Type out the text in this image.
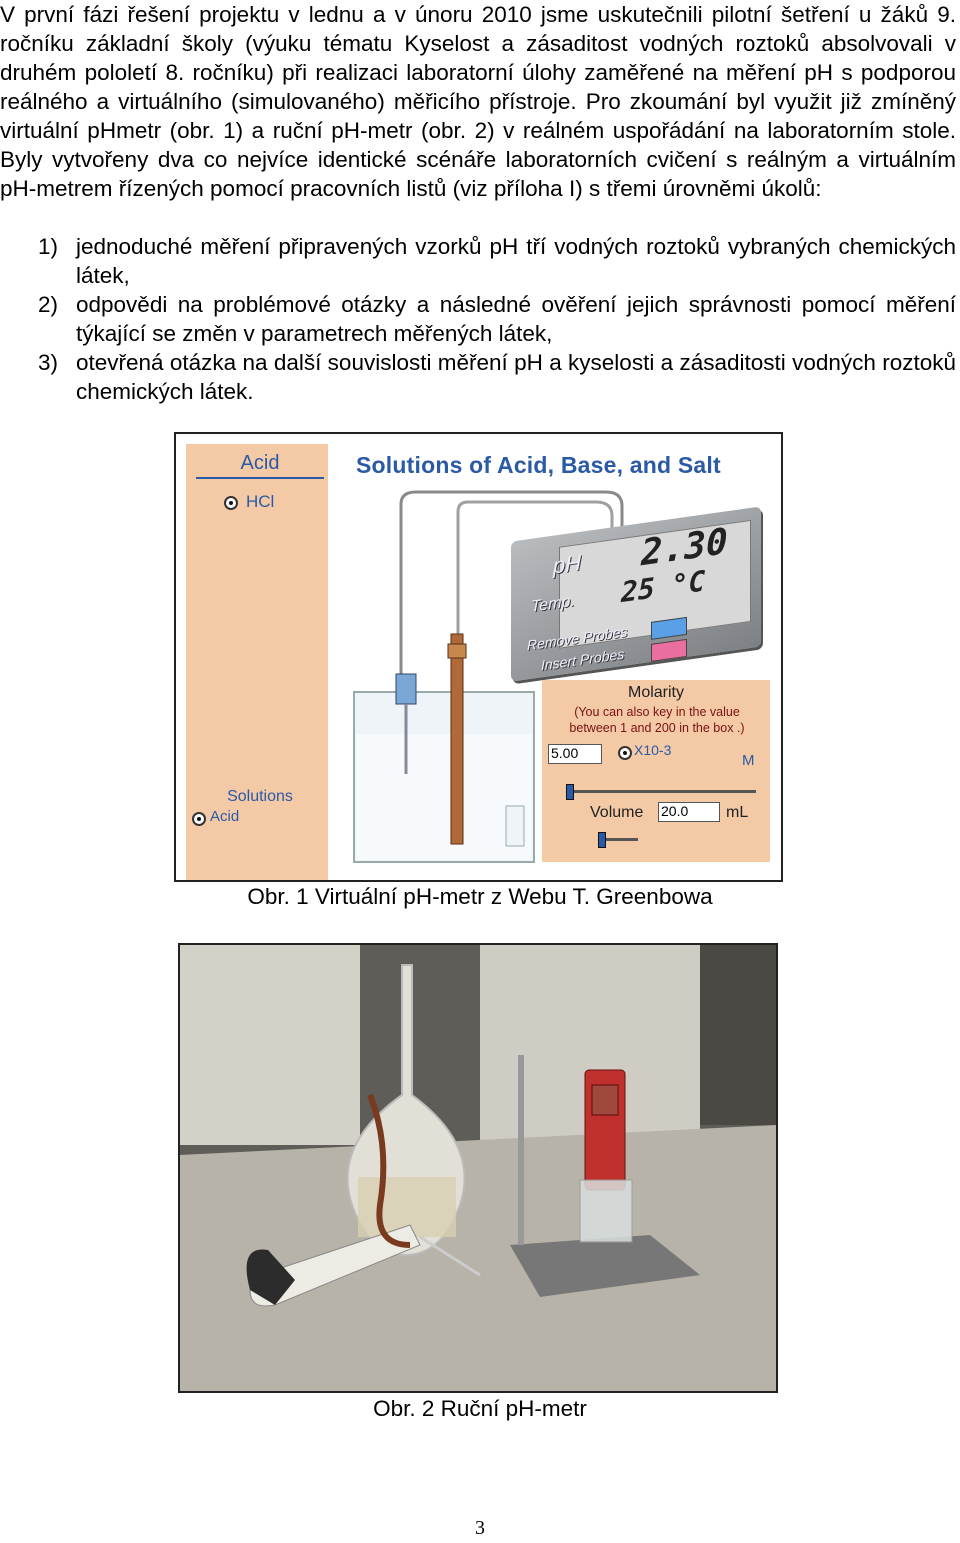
V první fázi řešení projektu v lednu a v únoru 2010 jsme uskutečnili pilotní šetření u žáků 9. ročníku základní školy (výuku tématu Kyselost a zásaditost vodných roztoků absolvovali v druhém pololetí 8. ročníku) při realizaci laboratorní úlohy zaměřené na měření pH s podporou reálného a virtuálního (simulovaného) měřicího přístroje. Pro zkoumání byl využit již zmíněný virtuální pHmetr (obr. 1) a ruční pH-metr (obr. 2) v reálném uspořádání na laboratorním stole. Byly vytvořeny dva co nejvíce identické scénáře laboratorních cvičení s reálným a virtuálním pH-metrem řízených pomocí pracovních listů (viz příloha I) s třemi úrovněmi úkolů:

1) jednoduché měření připravených vzorků pH tří vodných roztoků vybraných chemických látek,
2) odpovědi na problémové otázky a následné ověření jejich správnosti pomocí měření týkající se změn v parametrech měřených látek,
3) otevřená otázka na další souvislosti měření pH a kyselosti a zásaditosti vodných roztoků chemických látek.
Acid
HCl
Solutions
Acid
Solutions of Acid, Base, and Salt
pH 2.30
Temp. 25 °C
Remove Probes
Insert Probes
Molarity
(You can also key in the value between 1 and 200 in the box .)
5.00	X10-3
M
Volume 20.0	mL
Obr. 1 Virtuální pH-metr z Webu T. Greenbowa
Obr. 2 Ruční pH-metr
3
